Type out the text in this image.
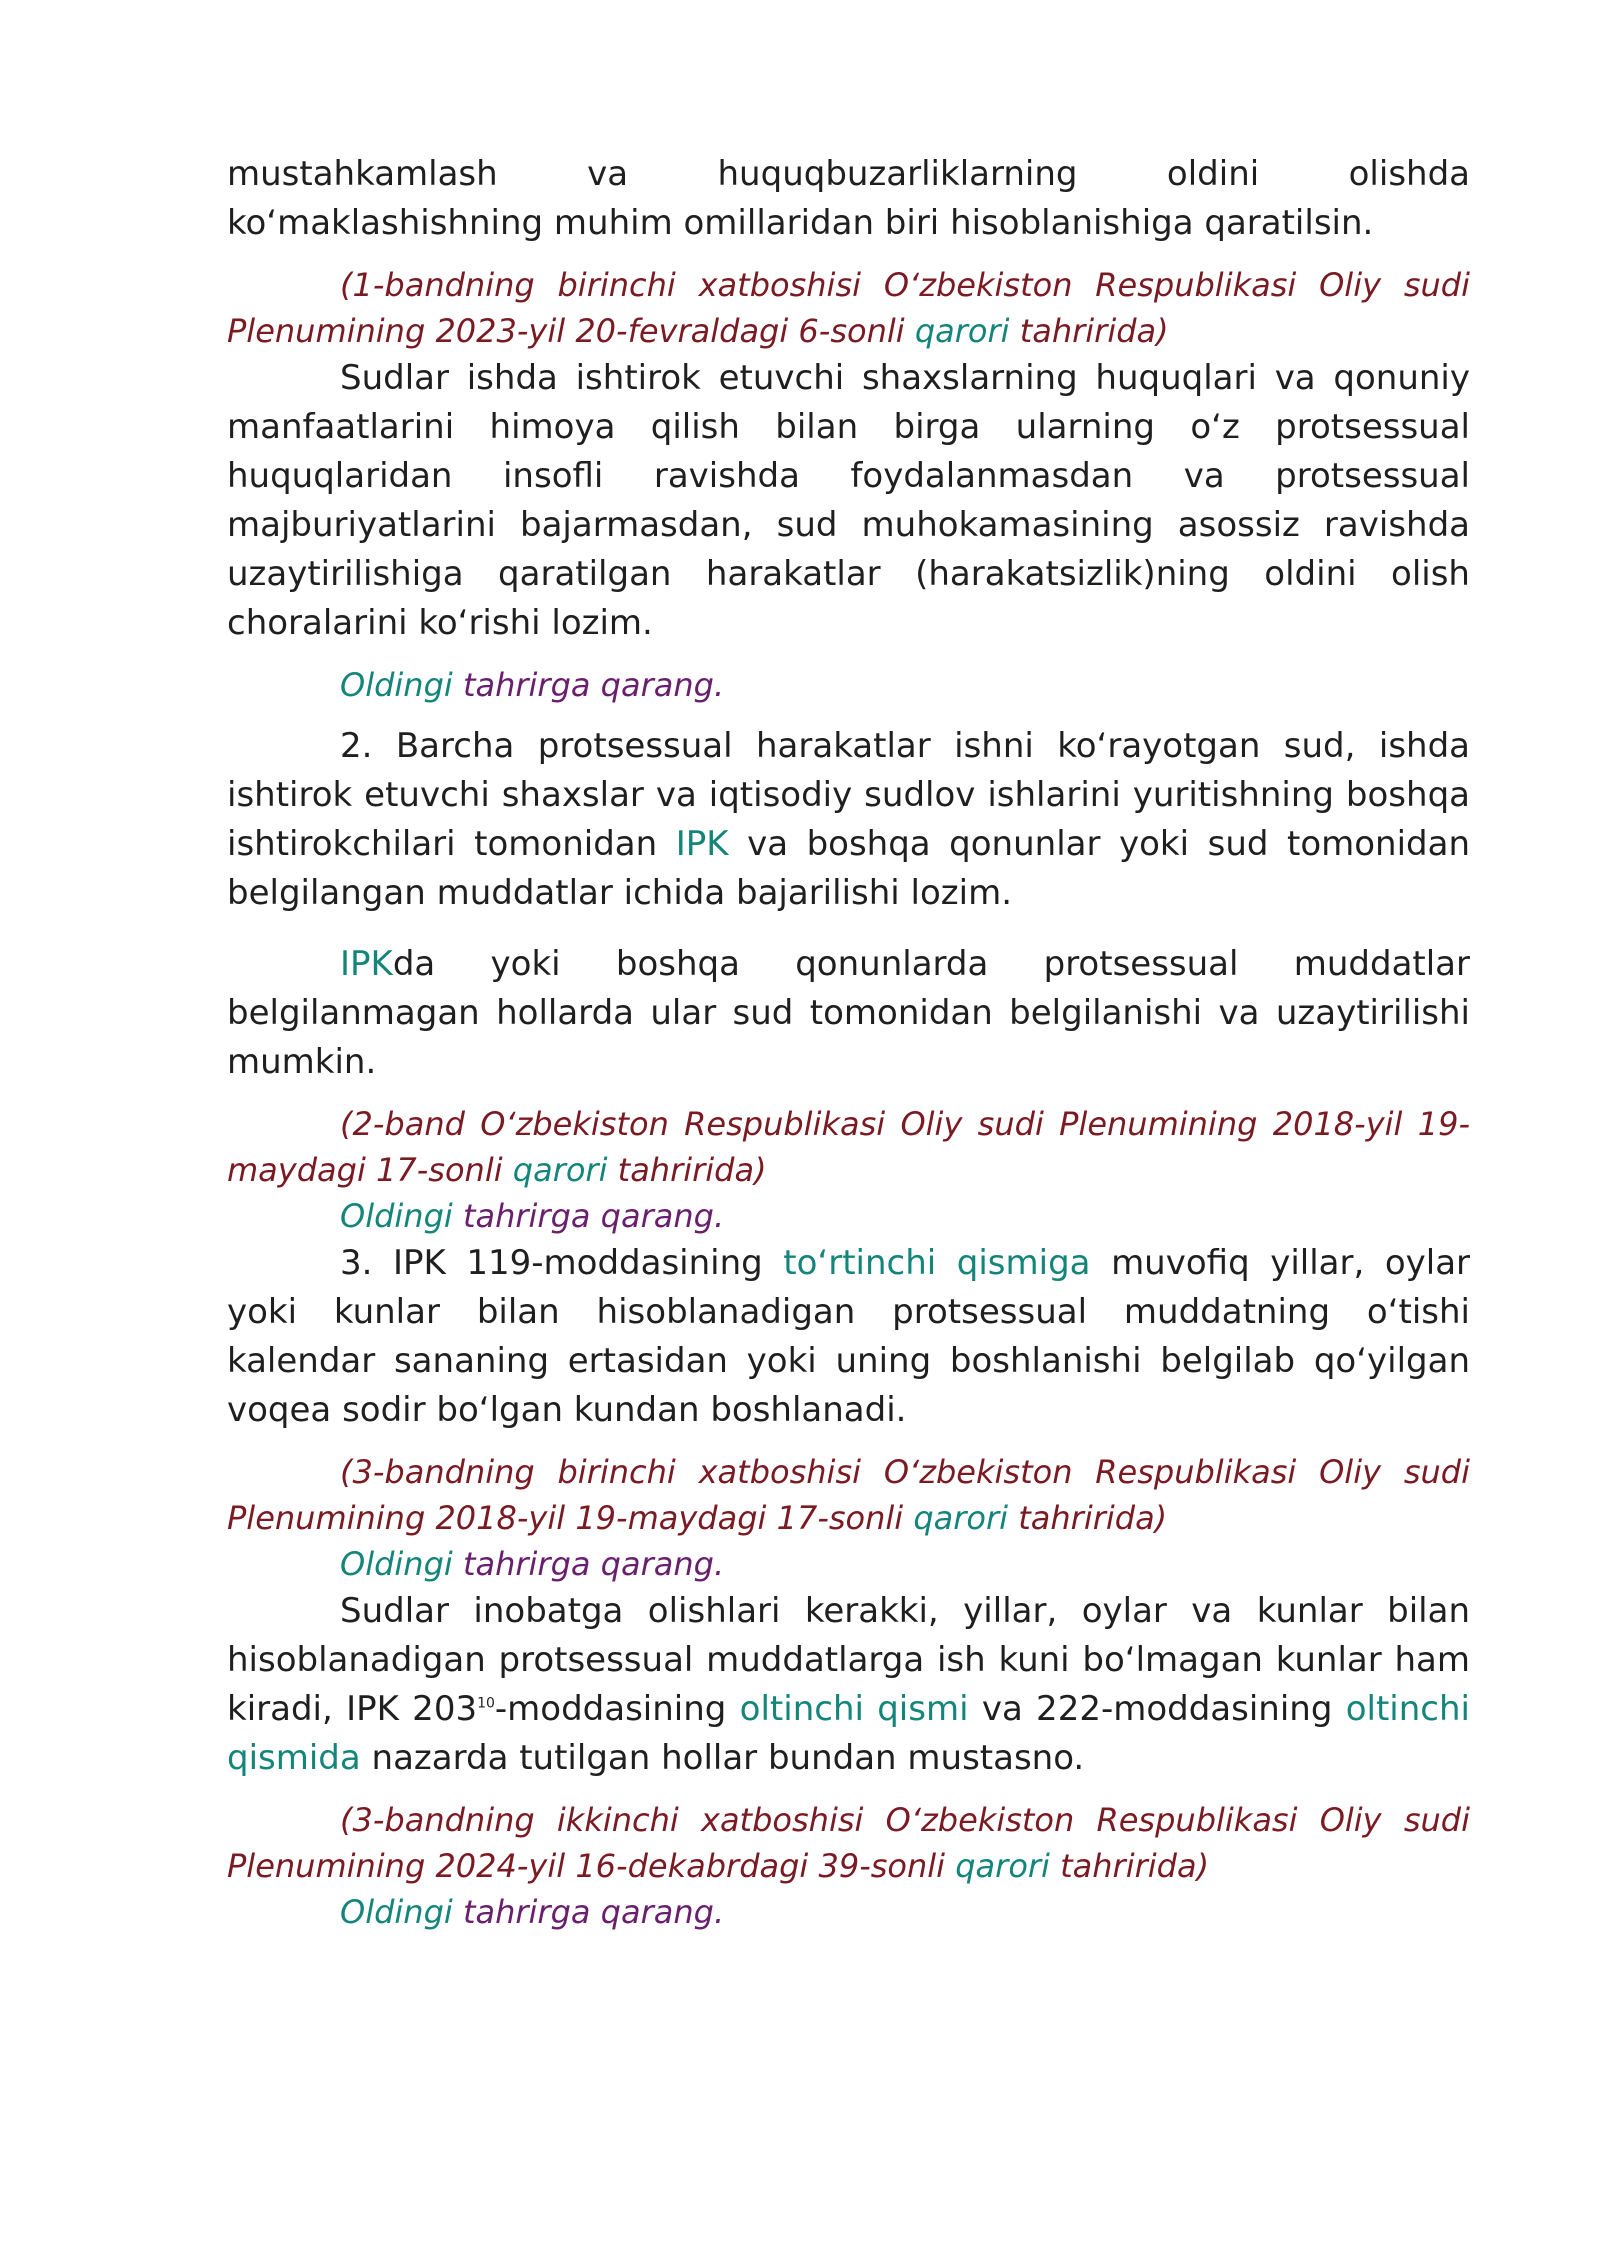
mustahkamlash va huquqbuzarliklarning oldini olishda ko‘maklashishning muhim omillaridan biri hisoblanishiga qaratilsin.

(1-bandning birinchi xatboshisi O‘zbekiston Respublikasi Oliy sudi Plenumining 2023-yil 20-fevraldagi 6-sonli qarori tahririda)

Sudlar ishda ishtirok etuvchi shaxslarning huquqlari va qonuniy manfaatlarini himoya qilish bilan birga ularning o‘z protsessual huquqlaridan insofli ravishda foydalanmasdan va protsessual majburiyatlarini bajarmasdan, sud muhokamasining asossiz ravishda uzaytirilishiga qaratilgan harakatlar (harakatsizlik)ning oldini olish choralarini ko‘rishi lozim.

Oldingi tahrirga qarang.

2. Barcha protsessual harakatlar ishni ko‘rayotgan sud, ishda ishtirok etuvchi shaxslar va iqtisodiy sudlov ishlarini yuritishning boshqa ishtirokchilari tomonidan IPK va boshqa qonunlar yoki sud tomonidan belgilangan muddatlar ichida bajarilishi lozim.

IPKda yoki boshqa qonunlarda protsessual muddatlar belgilanmagan hollarda ular sud tomonidan belgilanishi va uzaytirilishi mumkin.

(2-band O‘zbekiston Respublikasi Oliy sudi Plenumining 2018-yil 19-maydagi 17-sonli qarori tahririda)

Oldingi tahrirga qarang.

3. IPK 119-moddasining to‘rtinchi qismiga muvofiq yillar, oylar yoki kunlar bilan hisoblanadigan protsessual muddatning o‘tishi kalendar sananing ertasidan yoki uning boshlanishi belgilab qo‘yilgan voqea sodir bo‘lgan kundan boshlanadi.

(3-bandning birinchi xatboshisi O‘zbekiston Respublikasi Oliy sudi Plenumining 2018-yil 19-maydagi 17-sonli qarori tahririda)

Oldingi tahrirga qarang.

Sudlar inobatga olishlari kerakki, yillar, oylar va kunlar bilan hisoblanadigan protsessual muddatlarga ish kuni bo‘lmagan kunlar ham kiradi, IPK $203^{10}$-moddasining oltinchi qismi va 222-moddasining oltinchi qismida nazarda tutilgan hollar bundan mustasno.

(3-bandning ikkinchi xatboshisi O‘zbekiston Respublikasi Oliy sudi Plenumining 2024-yil 16-dekabrdagi 39-sonli qarori tahririda)

Oldingi tahrirga qarang.
